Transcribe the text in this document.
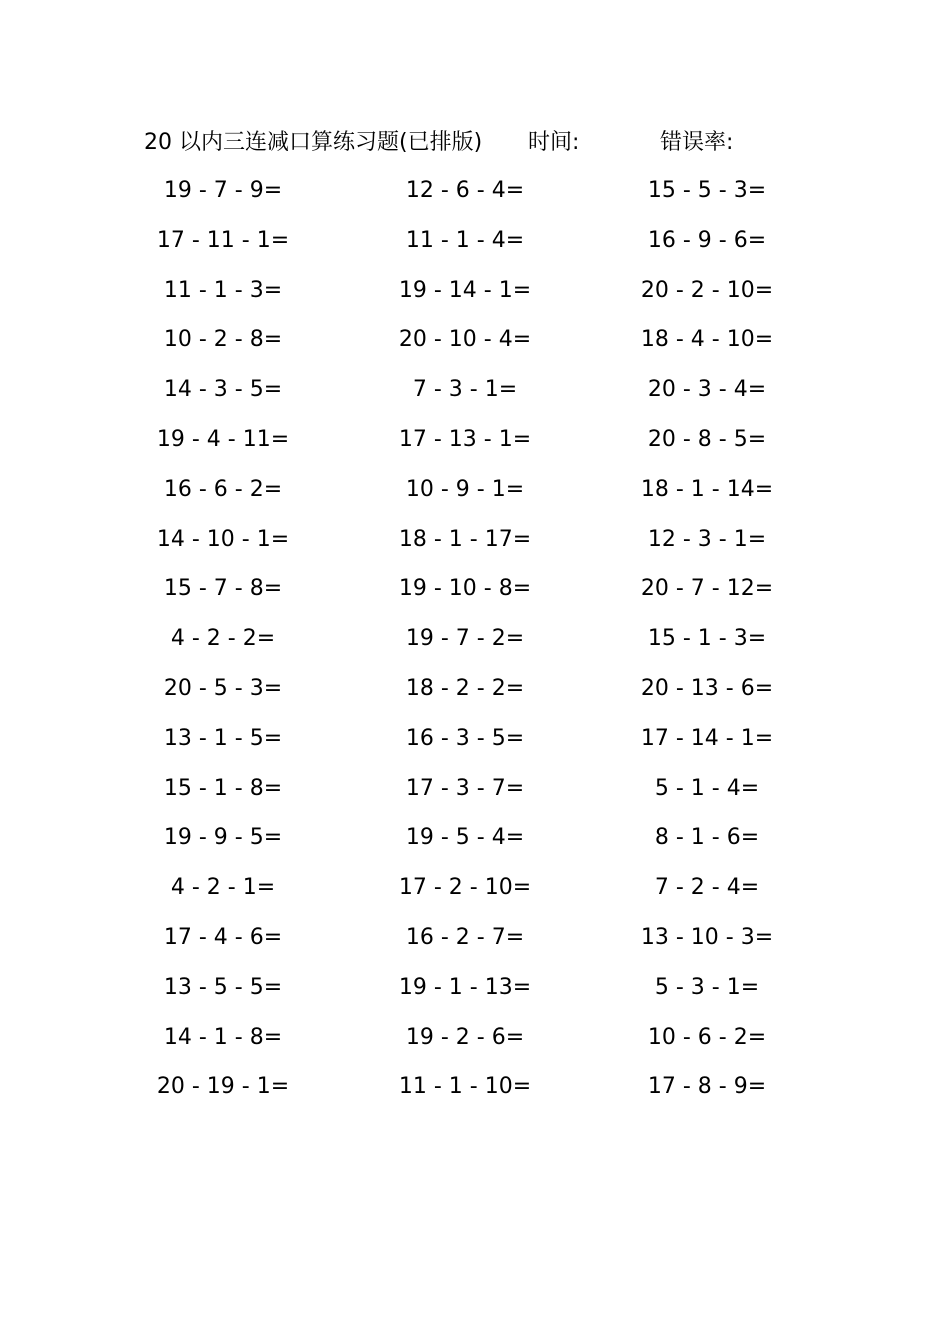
20 以内三连减口算练习题(已排版) 时间:	错误率:
19 - 7 - 9=	12 - 6 - 4=	15 - 5 - 3=
17 - 11 - 1=	11 - 1 - 4=	16 - 9 - 6=
11 - 1 - 3=	19 - 14 - 1=	20 - 2 - 10=
10 - 2 - 8=	20 - 10 - 4=	18 - 4 - 10=
14 - 3 - 5=	7 - 3 - 1=	20 - 3 - 4=
19 - 4 - 11=	17 - 13 - 1=	20 - 8 - 5=
16 - 6 - 2=	10 - 9 - 1=	18 - 1 - 14=
14 - 10 - 1=	18 - 1 - 17=	12 - 3 - 1=
15 - 7 - 8=	19 - 10 - 8=	20 - 7 - 12=
4 - 2 - 2=	19 - 7 - 2=	15 - 1 - 3=
20 - 5 - 3=	18 - 2 - 2=	20 - 13 - 6=
13 - 1 - 5=	16 - 3 - 5=	17 - 14 - 1=
15 - 1 - 8=	17 - 3 - 7=	5 - 1 - 4=
19 - 9 - 5=	19 - 5 - 4=	8 - 1 - 6=
4 - 2 - 1=	17 - 2 - 10=	7 - 2 - 4=
17 - 4 - 6=	16 - 2 - 7=	13 - 10 - 3=
13 - 5 - 5=	19 - 1 - 13=	5 - 3 - 1=
14 - 1 - 8=	19 - 2 - 6=	10 - 6 - 2=
20 - 19 - 1=	11 - 1 - 10=	17 - 8 - 9=
